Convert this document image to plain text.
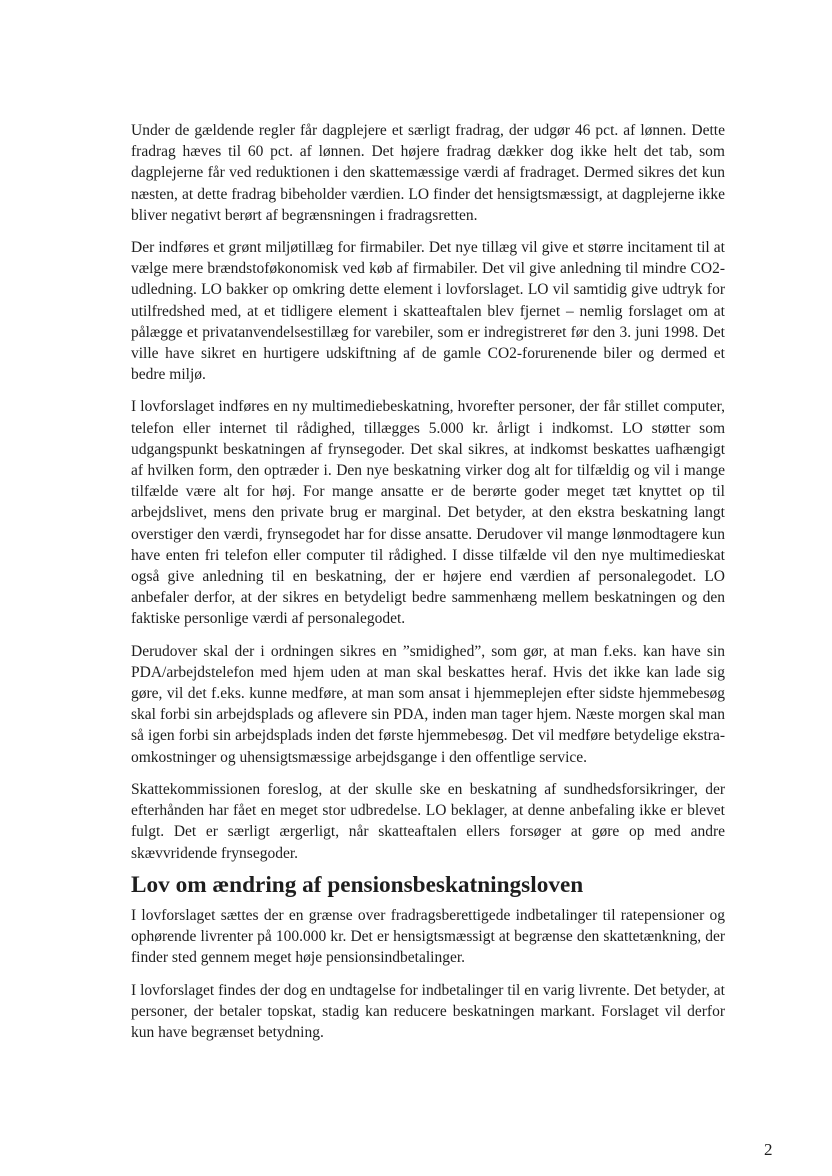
Under de gældende regler får dagplejere et særligt fradrag, der udgør 46 pct. af lønnen. Dette fradrag hæves til 60 pct. af lønnen. Det højere fradrag dækker dog ikke helt det tab, som dagplejerne får ved reduktionen i den skattemæssige værdi af fradraget. Dermed sikres det kun næsten, at dette fradrag bibeholder værdien. LO finder det hensigtsmæssigt, at dagplejerne ikke bliver negativt berørt af begrænsningen i fradragsretten.

Der indføres et grønt miljøtillæg for firmabiler. Det nye tillæg vil give et større incitament til at vælge mere brændstoføkonomisk ved køb af firmabiler. Det vil give anledning til mindre CO2-udledning. LO bakker op omkring dette element i lovforslaget. LO vil samtidig give udtryk for utilfredshed med, at et tidligere element i skatteaftalen blev fjernet – nemlig forslaget om at pålægge et privatanvendelsestillæg for varebiler, som er indregistreret før den 3. juni 1998. Det ville have sikret en hurtigere udskiftning af de gamle CO2-forurenende biler og dermed et bedre miljø.

I lovforslaget indføres en ny multimediebeskatning, hvorefter personer, der får stillet computer, telefon eller internet til rådighed, tillægges 5.000 kr. årligt i indkomst. LO støtter som udgangspunkt beskatningen af frynsegoder. Det skal sikres, at indkomst beskattes uafhængigt af hvilken form, den optræder i. Den nye beskatning virker dog alt for tilfældig og vil i mange tilfælde være alt for høj. For mange ansatte er de berørte goder meget tæt knyttet op til arbejdslivet, mens den private brug er marginal. Det betyder, at den ekstra beskatning langt overstiger den værdi, frynsegodet har for disse ansatte. Derudover vil mange lønmodtagere kun have enten fri telefon eller computer til rådighed. I disse tilfælde vil den nye multimedieskat også give anledning til en beskatning, der er højere end værdien af personalegodet. LO anbefaler derfor, at der sikres en betydeligt bedre sammenhæng mellem beskatningen og den faktiske personlige værdi af personalegodet.

Derudover skal der i ordningen sikres en ”smidighed”, som gør, at man f.eks. kan have sin PDA/arbejdstelefon med hjem uden at man skal beskattes heraf. Hvis det ikke kan lade sig gøre, vil det f.eks. kunne medføre, at man som ansat i hjemmeplejen efter sidste hjemmebesøg skal forbi sin arbejdsplads og aflevere sin PDA, inden man tager hjem. Næste morgen skal man så igen forbi sin arbejdsplads inden det første hjemmebesøg. Det vil medføre betydelige ekstra-omkostninger og uhensigtsmæssige arbejdsgange i den offentlige service.

Skattekommissionen foreslog, at der skulle ske en beskatning af sundhedsforsikringer, der efterhånden har fået en meget stor udbredelse. LO beklager, at denne anbefaling ikke er blevet fulgt. Det er særligt ærgerligt, når skatteaftalen ellers forsøger at gøre op med andre skævvridende frynsegoder.

Lov om ændring af pensionsbeskatningsloven

I lovforslaget sættes der en grænse over fradragsberettigede indbetalinger til ratepensioner og ophørende livrenter på 100.000 kr. Det er hensigtsmæssigt at begrænse den skattetænkning, der finder sted gennem meget høje pensionsindbetalinger.

I lovforslaget findes der dog en undtagelse for indbetalinger til en varig livrente. Det betyder, at personer, der betaler topskat, stadig kan reducere beskatningen markant. Forslaget vil derfor kun have begrænset betydning.

2
